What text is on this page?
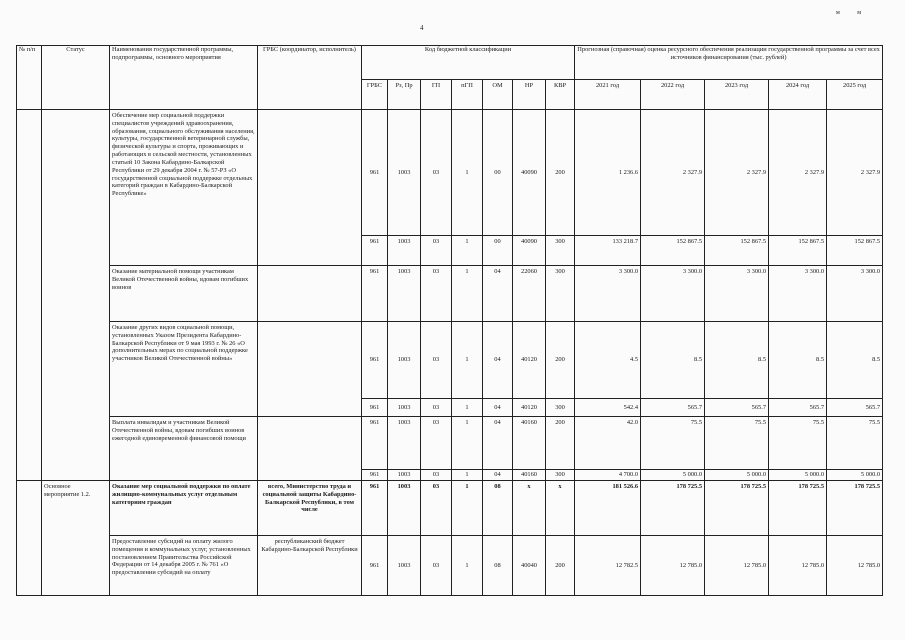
4
м м
№ п/п	Статус	Наименования государственной программы, подпрограммы, основного мероприятия	ГРБС (координатор, исполнитель)	Код бюджетной классификации							Прогнозная (справочная) оценка ресурсного обеспечения реализации государственной программы за счет всех источников финансирования (тыс. рублей)				
				ГРБС	Рз, Пр	ГП	пГП	ОМ	НР	КВР	2021 год	2022 год	2023 год	2024 год	2025 год
		Обеспечение мер социальной поддержки специалистов учреждений здравоохранения, образования, социального обслуживания населения, культуры, государственной ветеринарной службы, физической культуры и спорта, проживающих и работающих в сельской местности, установленных статьей 10 Закона Кабардино-Балкарской Республики от 29 декабря 2004 г. № 57-РЗ «О государственной социальной поддержке отдельных категорий граждан в Кабардино-Балкарской Республике»		961	1003	03	1	00	40090	200	1 236.6	2 327.9	2 327.9	2 327.9	2 327.9
				961	1003	03	1	00	40090	300	133 218.7	152 867.5	152 867.5	152 867.5	152 867.5
		Оказание материальной помощи участникам Великой Отечественной войны, вдовам погибших воинов		961	1003	03	1	04	22060	300	3 300.0	3 300.0	3 300.0	3 300.0	3 300.0
		Оказание других видов социальной помощи, установленных Указом Президента Кабардино-Балкарской Республики от 9 мая 1993 г. № 26 «О дополнительных мерах по социальной поддержке участников Великой Отечественной войны»		961	1003	03	1	04	40120	200	4.5	8.5	8.5	8.5	8.5
				961	1003	03	1	04	40120	300	542.4	565.7	565.7	565.7	565.7
		Выплата инвалидам и участникам Великой Отечественной войны, вдовам погибших воинов ежегодной единовременной финансовой помощи		961	1003	03	1	04	40160	200	42.0	75.5	75.5	75.5	75.5
				961	1003	03	1	04	40160	300	4 700.0	5 000.0	5 000.0	5 000.0	5 000.0
	Основное мероприятие 1.2.	Оказание мер социальной поддержки по оплате жилищно-коммунальных услуг отдельным категориям граждан	всего, Министерство труда и социальной защиты Кабардино-Балкарской Республики, в том числе	961	1003	03	1	08	x	x	181 526.6	178 725.5	178 725.5	178 725.5	178 725.5
		Предоставление субсидий на оплату жилого помещения и коммунальных услуг, установленных постановлением Правительства Российской Федерации от 14 декабря 2005 г. № 761 «О предоставлении субсидий на оплату	республиканский бюджет Кабардино-Балкарской Республики	961	1003	03	1	08	40040	200	12 782.5	12 785.0	12 785.0	12 785.0	12 785.0
